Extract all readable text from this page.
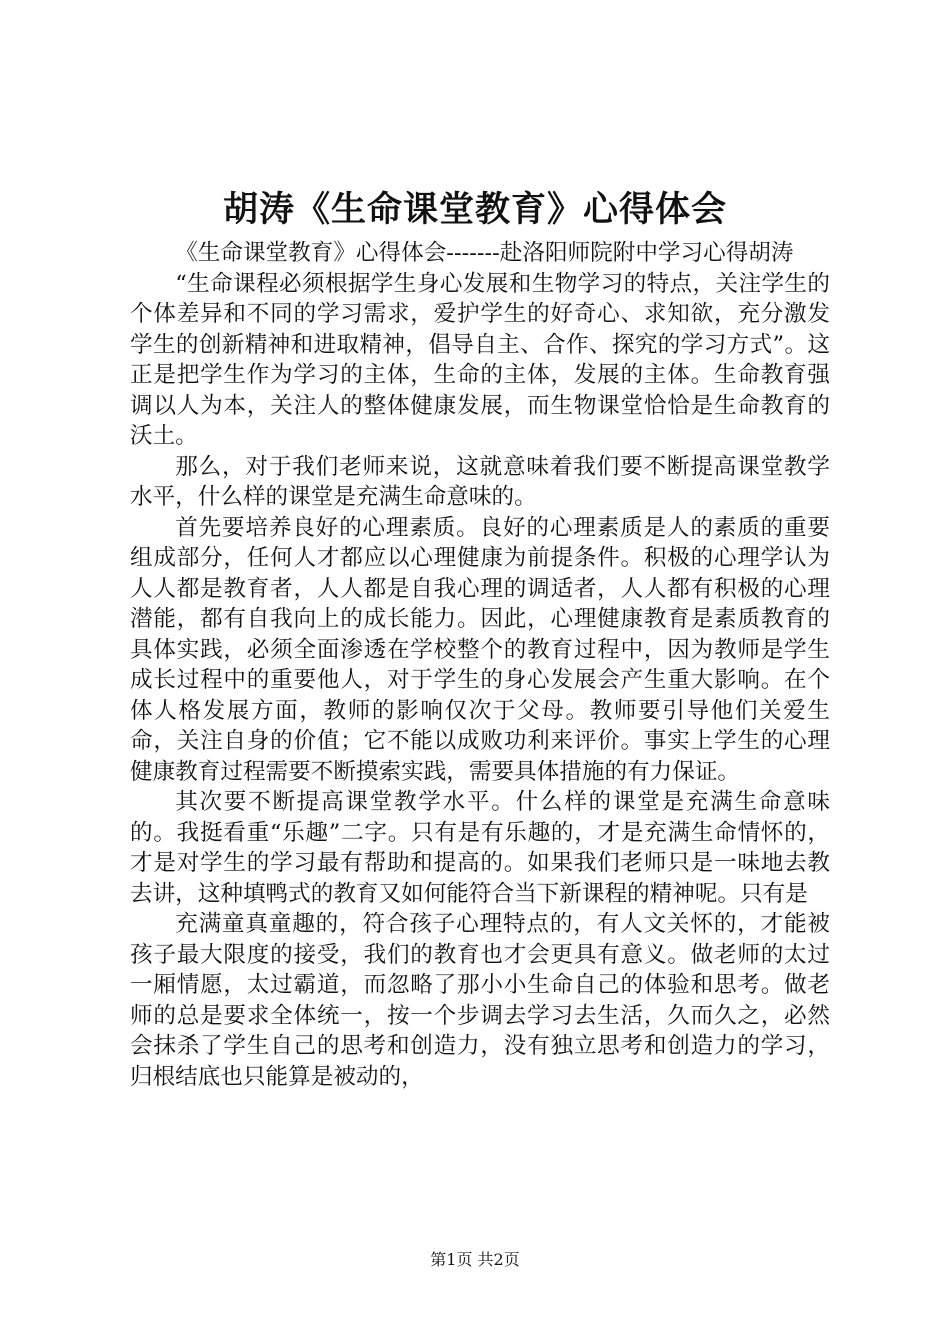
胡涛《生命课堂教育》心得体会

《生命课堂教育》心得体会-------赴洛阳师院附中学习心得胡涛

“生命课程必须根据学生身心发展和生物学习的特点，关注学生的个体差异和不同的学习需求，爱护学生的好奇心、求知欲，充分激发学生的创新精神和进取精神，倡导自主、合作、探究的学习方式”。这正是把学生作为学习的主体，生命的主体，发展的主体。生命教育强调以人为本，关注人的整体健康发展，而生物课堂恰恰是生命教育的沃土。

那么，对于我们老师来说，这就意味着我们要不断提高课堂教学水平，什么样的课堂是充满生命意味的。

首先要培养良好的心理素质。良好的心理素质是人的素质的重要组成部分，任何人才都应以心理健康为前提条件。积极的心理学认为人人都是教育者，人人都是自我心理的调适者，人人都有积极的心理潜能，都有自我向上的成长能力。因此，心理健康教育是素质教育的具体实践，必须全面渗透在学校整个的教育过程中，因为教师是学生成长过程中的重要他人，对于学生的身心发展会产生重大影响。在个体人格发展方面，教师的影响仅次于父母。教师要引导他们关爱生命，关注自身的价值；它不能以成败功利来评价。事实上学生的心理健康教育过程需要不断摸索实践，需要具体措施的有力保证。

其次要不断提高课堂教学水平。什么样的课堂是充满生命意味的。我挺看重“乐趣”二字。只有是有乐趣的，才是充满生命情怀的，才是对学生的学习最有帮助和提高的。如果我们老师只是一味地去教去讲，这种填鸭式的教育又如何能符合当下新课程的精神呢。只有是

充满童真童趣的，符合孩子心理特点的，有人文关怀的，才能被孩子最大限度的接受，我们的教育也才会更具有意义。做老师的太过一厢情愿，太过霸道，而忽略了那小小生命自己的体验和思考。做老师的总是要求全体统一，按一个步调去学习去生活，久而久之，必然会抹杀了学生自己的思考和创造力，没有独立思考和创造力的学习，归根结底也只能算是被动的，

第1页 共2页
